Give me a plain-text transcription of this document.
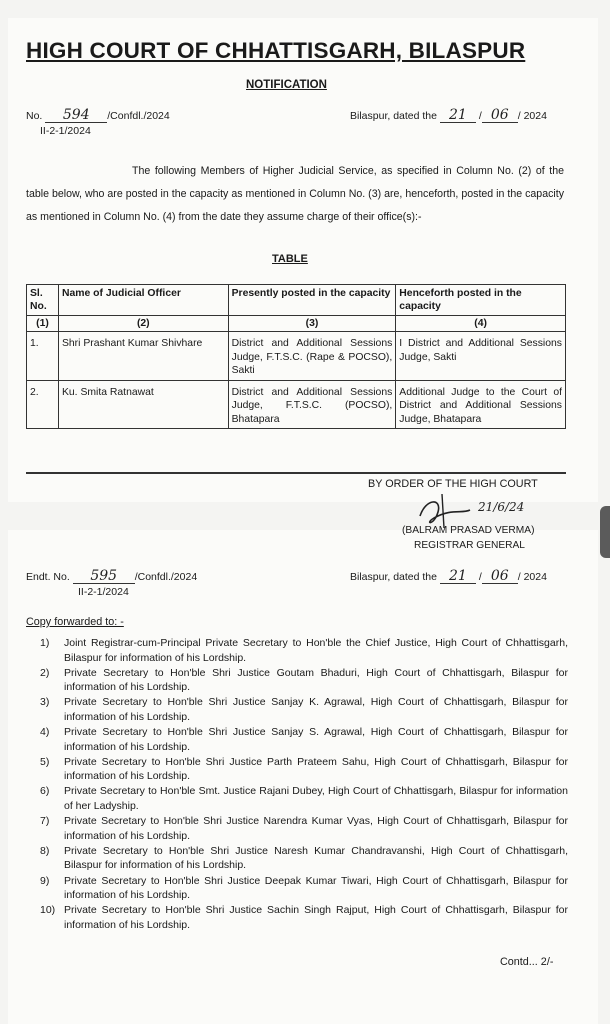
HIGH COURT OF CHHATTISGARH, BILASPUR
NOTIFICATION
No. 594 /Confdl./2024
II-2-1/2024
Bilaspur, dated the 21 / 06 / 2024
The following Members of Higher Judicial Service, as specified in Column No. (2) of the table below, who are posted in the capacity as mentioned in Column No. (3) are, henceforth, posted in the capacity as mentioned in Column No. (4) from the date they assume charge of their office(s):-
TABLE
Sl. No.	Name of Judicial Officer	Presently posted in the capacity	Henceforth posted in the capacity
(1)	(2)	(3)	(4)
1.	Shri Prashant Kumar Shivhare	District and Additional Sessions Judge, F.T.S.C. (Rape & POCSO), Sakti	I District and Additional Sessions Judge, Sakti
2.	Ku. Smita Ratnawat	District and Additional Sessions Judge, F.T.S.C. (POCSO), Bhatapara	Additional Judge to the Court of District and Additional Sessions Judge, Bhatapara
BY ORDER OF THE HIGH COURT
21/6/24
(BALRAM PRASAD VERMA)
REGISTRAR GENERAL
Endt. No. 595 /Confdl./2024
II-2-1/2024
Bilaspur, dated the 21 / 06 / 2024
Copy forwarded to: -
1) Joint Registrar-cum-Principal Private Secretary to Hon'ble the Chief Justice, High Court of Chhattisgarh, Bilaspur for information of his Lordship.
2) Private Secretary to Hon'ble Shri Justice Goutam Bhaduri, High Court of Chhattisgarh, Bilaspur for information of his Lordship.
3) Private Secretary to Hon'ble Shri Justice Sanjay K. Agrawal, High Court of Chhattisgarh, Bilaspur for information of his Lordship.
4) Private Secretary to Hon'ble Shri Justice Sanjay S. Agrawal, High Court of Chhattisgarh, Bilaspur for information of his Lordship.
5) Private Secretary to Hon'ble Shri Justice Parth Prateem Sahu, High Court of Chhattisgarh, Bilaspur for information of his Lordship.
6) Private Secretary to Hon'ble Smt. Justice Rajani Dubey, High Court of Chhattisgarh, Bilaspur for information of her Ladyship.
7) Private Secretary to Hon'ble Shri Justice Narendra Kumar Vyas, High Court of Chhattisgarh, Bilaspur for information of his Lordship.
8) Private Secretary to Hon'ble Shri Justice Naresh Kumar Chandravanshi, High Court of Chhattisgarh, Bilaspur for information of his Lordship.
9) Private Secretary to Hon'ble Shri Justice Deepak Kumar Tiwari, High Court of Chhattisgarh, Bilaspur for information of his Lordship.
10) Private Secretary to Hon'ble Shri Justice Sachin Singh Rajput, High Court of Chhattisgarh, Bilaspur for information of his Lordship.
Contd... 2/-
